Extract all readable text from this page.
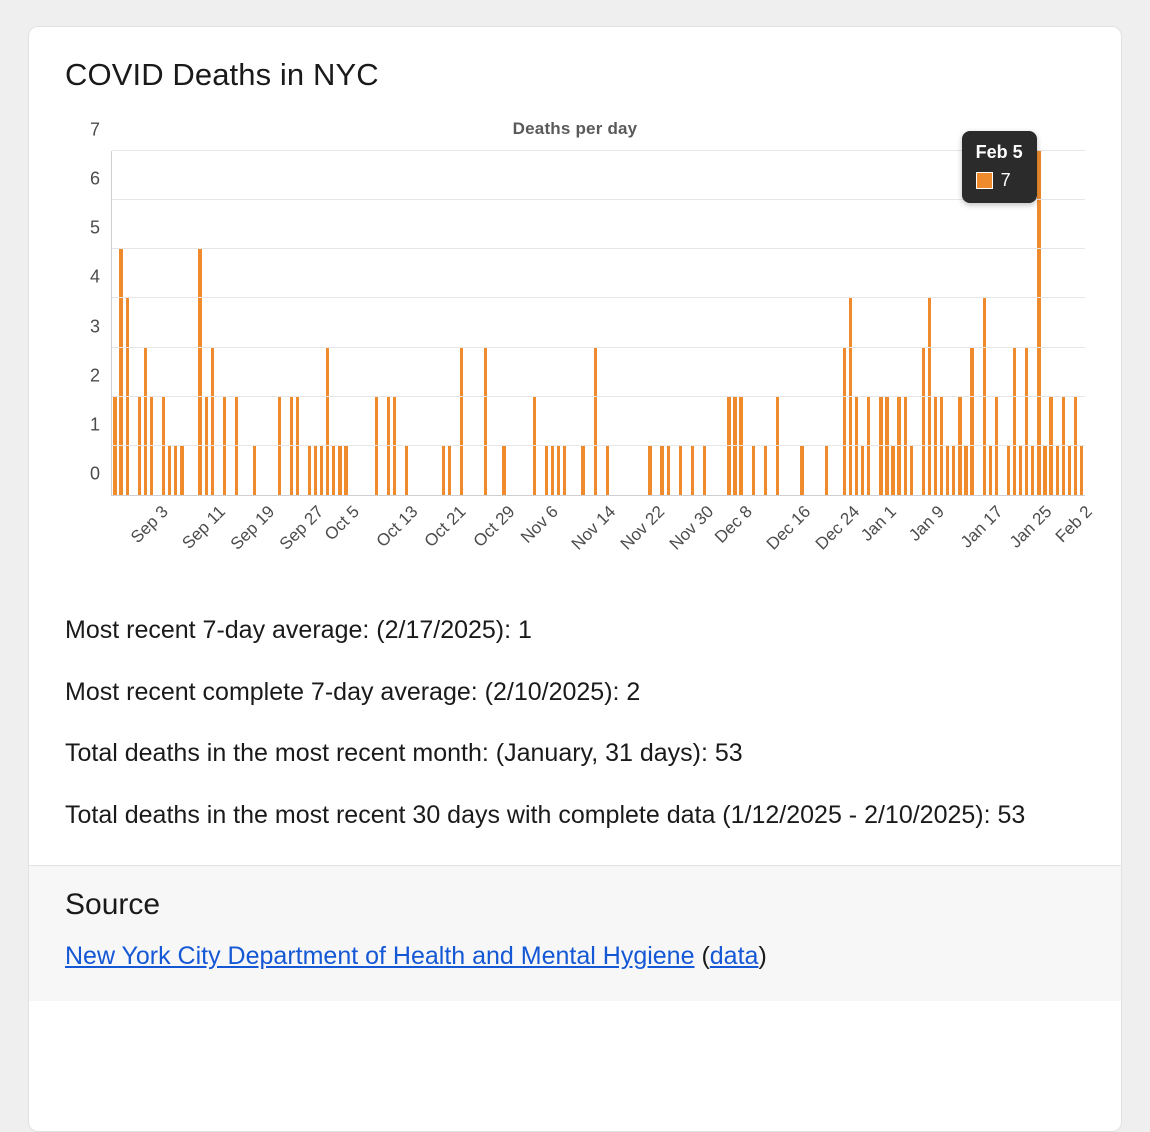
COVID Deaths in NYC
Deaths per day
0
1
2
3
4
5
6
7
Sep 3 Sep 11
Sep 19
Sep 27
Oct 5 Oct 13 Oct 21 Oct 29
Nov 6 Nov 14
Nov 22
Nov 30
Dec 8 Dec 16
Dec 24
Jan 1 Jan 9 Jan 17 Jan 25
Feb 2
Feb 5
7

Most recent 7-day average: (2/17/2025): 1

Most recent complete 7-day average: (2/10/2025): 2

Total deaths in the most recent month: (January, 31 days): 53

Total deaths in the most recent 30 days with complete data (1/12/2025 - 2/10/2025): 53

Source
New York City Department of Health and Mental Hygiene (data)
